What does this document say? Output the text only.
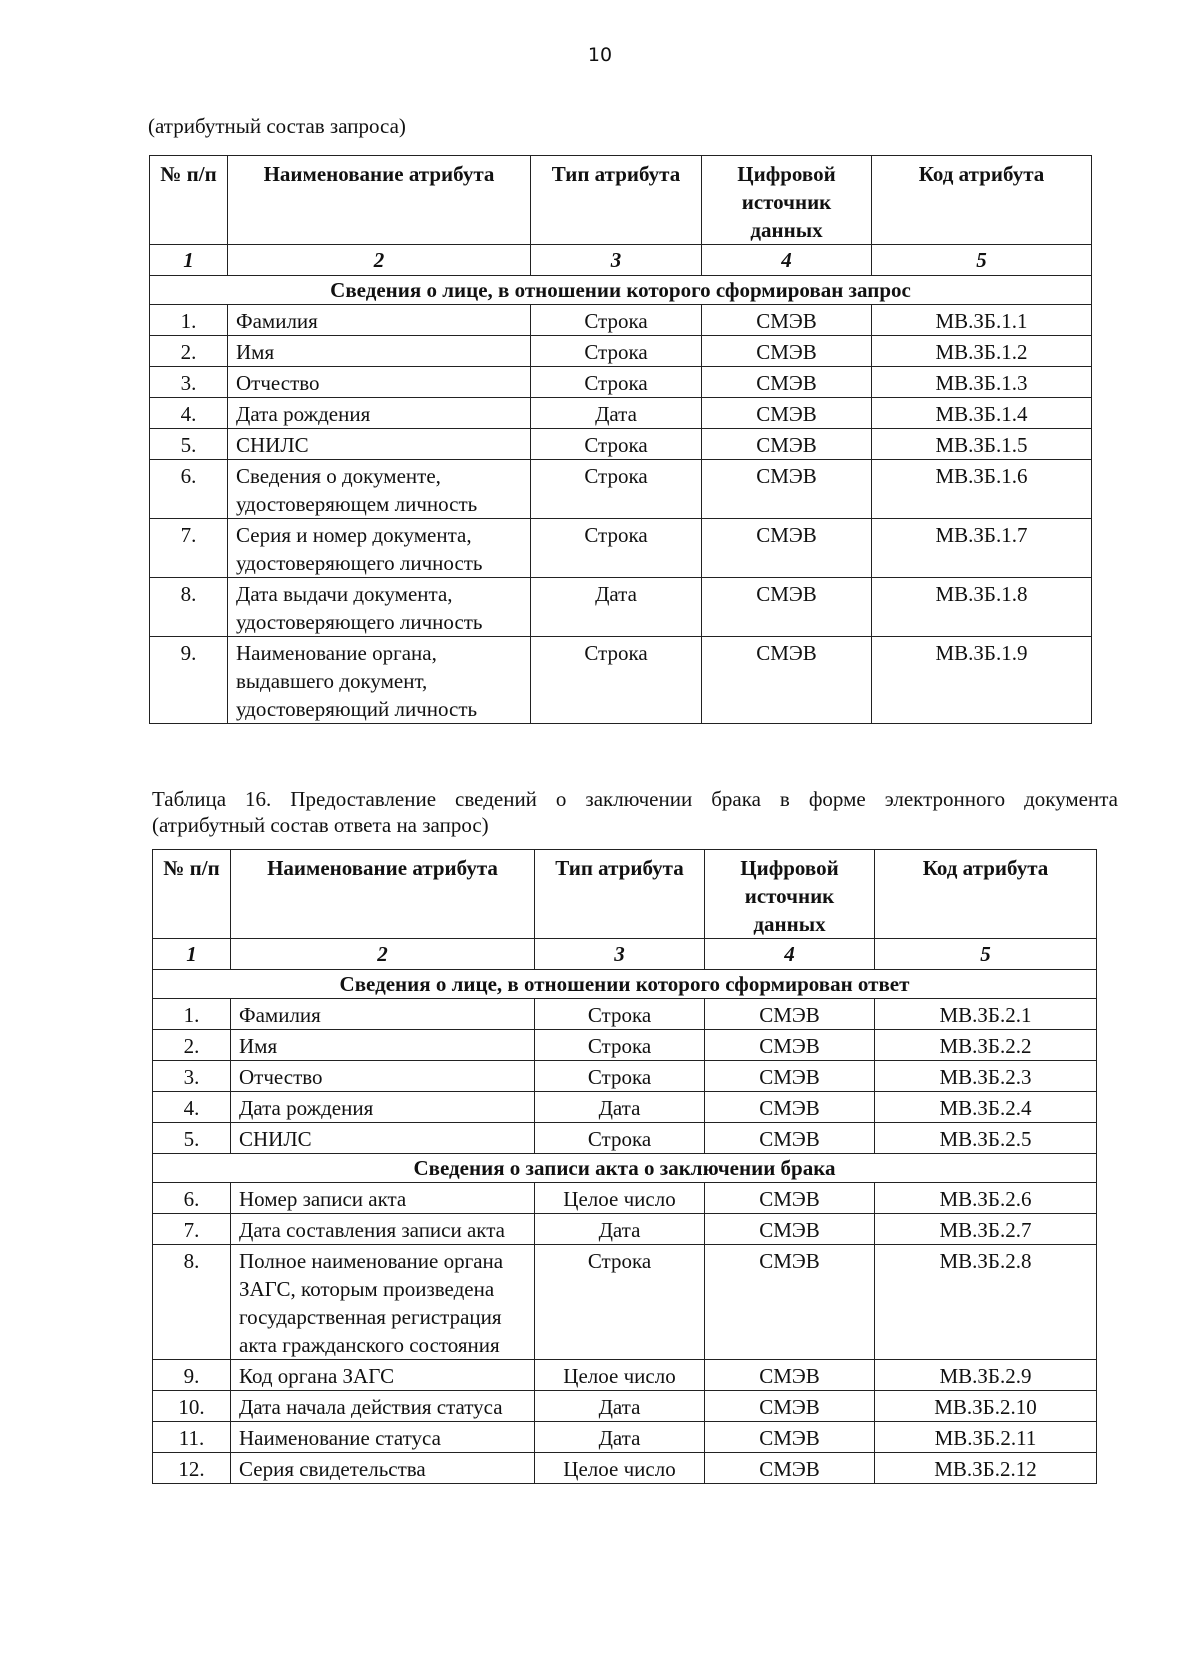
10
(атрибутный состав запроса)
№ п/п	Наименование атрибута	Тип атрибута	Цифровой источник данных	Код атрибута
1	2	3	4	5
Сведения о лице, в отношении которого сформирован запрос				
1.	Фамилия	Строка	СМЭВ	МВ.ЗБ.1.1
2.	Имя	Строка	СМЭВ	МВ.ЗБ.1.2
3.	Отчество	Строка	СМЭВ	МВ.ЗБ.1.3
4.	Дата рождения	Дата	СМЭВ	МВ.ЗБ.1.4
5.	СНИЛС	Строка	СМЭВ	МВ.ЗБ.1.5
6.	Сведения о документе, удостоверяющем личность	Строка	СМЭВ	МВ.ЗБ.1.6
7.	Серия и номер документа, удостоверяющего личность	Строка	СМЭВ	МВ.ЗБ.1.7
8.	Дата выдачи документа, удостоверяющего личность	Дата	СМЭВ	МВ.ЗБ.1.8
9.	Наименование органа, выдавшего документ, удостоверяющий личность	Строка	СМЭВ	МВ.ЗБ.1.9
Таблица 16. Предоставление сведений о заключении брака в форме электронного документа
(атрибутный состав ответа на запрос)
№ п/п	Наименование атрибута	Тип атрибута	Цифровой источник данных	Код атрибута
1	2	3	4	5
Сведения о лице, в отношении которого сформирован ответ				
1.	Фамилия	Строка	СМЭВ	МВ.ЗБ.2.1
2.	Имя	Строка	СМЭВ	МВ.ЗБ.2.2
3.	Отчество	Строка	СМЭВ	МВ.ЗБ.2.3
4.	Дата рождения	Дата	СМЭВ	МВ.ЗБ.2.4
5.	СНИЛС	Строка	СМЭВ	МВ.ЗБ.2.5
Сведения о записи акта о заключении брака				
6.	Номер записи акта	Целое число	СМЭВ	МВ.ЗБ.2.6
7.	Дата составления записи акта	Дата	СМЭВ	МВ.ЗБ.2.7
8.	Полное наименование органа ЗАГС, которым произведена государственная регистрация акта гражданского состояния	Строка	СМЭВ	МВ.ЗБ.2.8
9.	Код органа ЗАГС	Целое число	СМЭВ	МВ.ЗБ.2.9
10.	Дата начала действия статуса	Дата	СМЭВ	МВ.ЗБ.2.10
11.	Наименование статуса	Дата	СМЭВ	МВ.ЗБ.2.11
12.	Серия свидетельства	Целое число	СМЭВ	МВ.ЗБ.2.12
